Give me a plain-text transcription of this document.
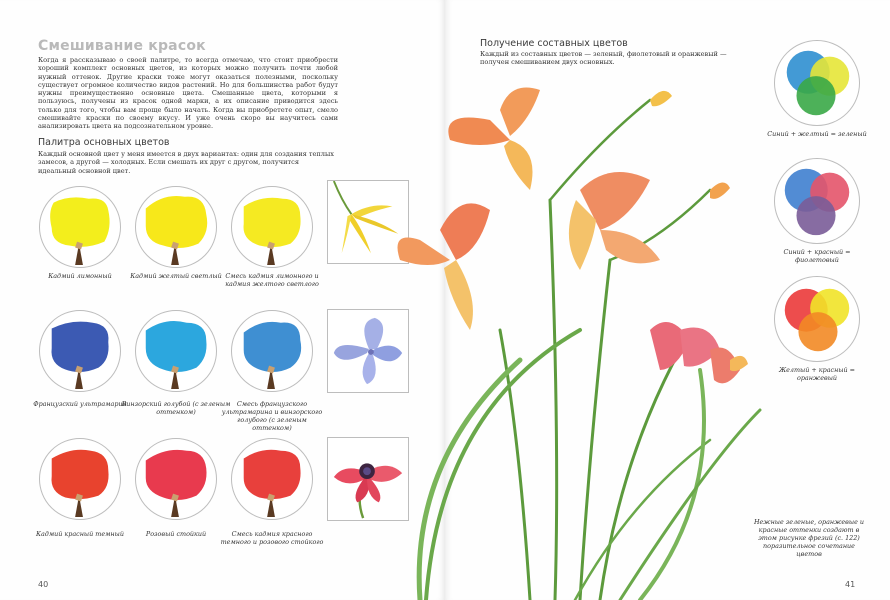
Смешивание красок
Когда я рассказываю о своей палитре, то всегда отмечаю, что стоит приобрести хороший комплект основных цветов, из которых можно получить почти любой нужный оттенок. Другие краски тоже могут оказаться полезными, поскольку существует огромное количество видов растений. Но для большинства работ будут нужны преимущественно основные цвета. Смешанные цвета, которыми я пользуюсь, получены из красок одной марки, а их описание приводится здесь только для того, чтобы вам проще было начать. Когда вы приобретете опыт, смело смешивайте краски по своему вкусу. И уже очень скоро вы научитесь сами анализировать цвета на подсознательном уровне.
Палитра основных цветов
Каждый основной цвет у меня имеется в двух вариантах: один для создания теплых замесов, а другой — холодных. Если смешать их друг с другом, получится идеальный основной цвет.
Кадмий лимонный	Кадмий желтый светлый Смесь кадмия лимонного и кадмия желтого светлого
Французский ультрамарин
Винзорский голубой (с зеленым оттенком)
Смесь французского ультрамарина и винзорского голубого (с зеленым оттенком)
Кадмий красный темный	Розовый стойкий	Смесь кадмия красного темного и розового стойкого
40
Получение составных цветов
Каждый из составных цветов — зеленый, фиолетовый и оранжевый — получен смешиванием двух основных.
Синий + желтый = зеленый
Синий + красный = фиолетовый
Желтый + красный = оранжевый
Нежные зеленые, оранжевые и красные оттенки создают в этом рисунке фрезий (с. 122) поразительное сочетание цветов
41
